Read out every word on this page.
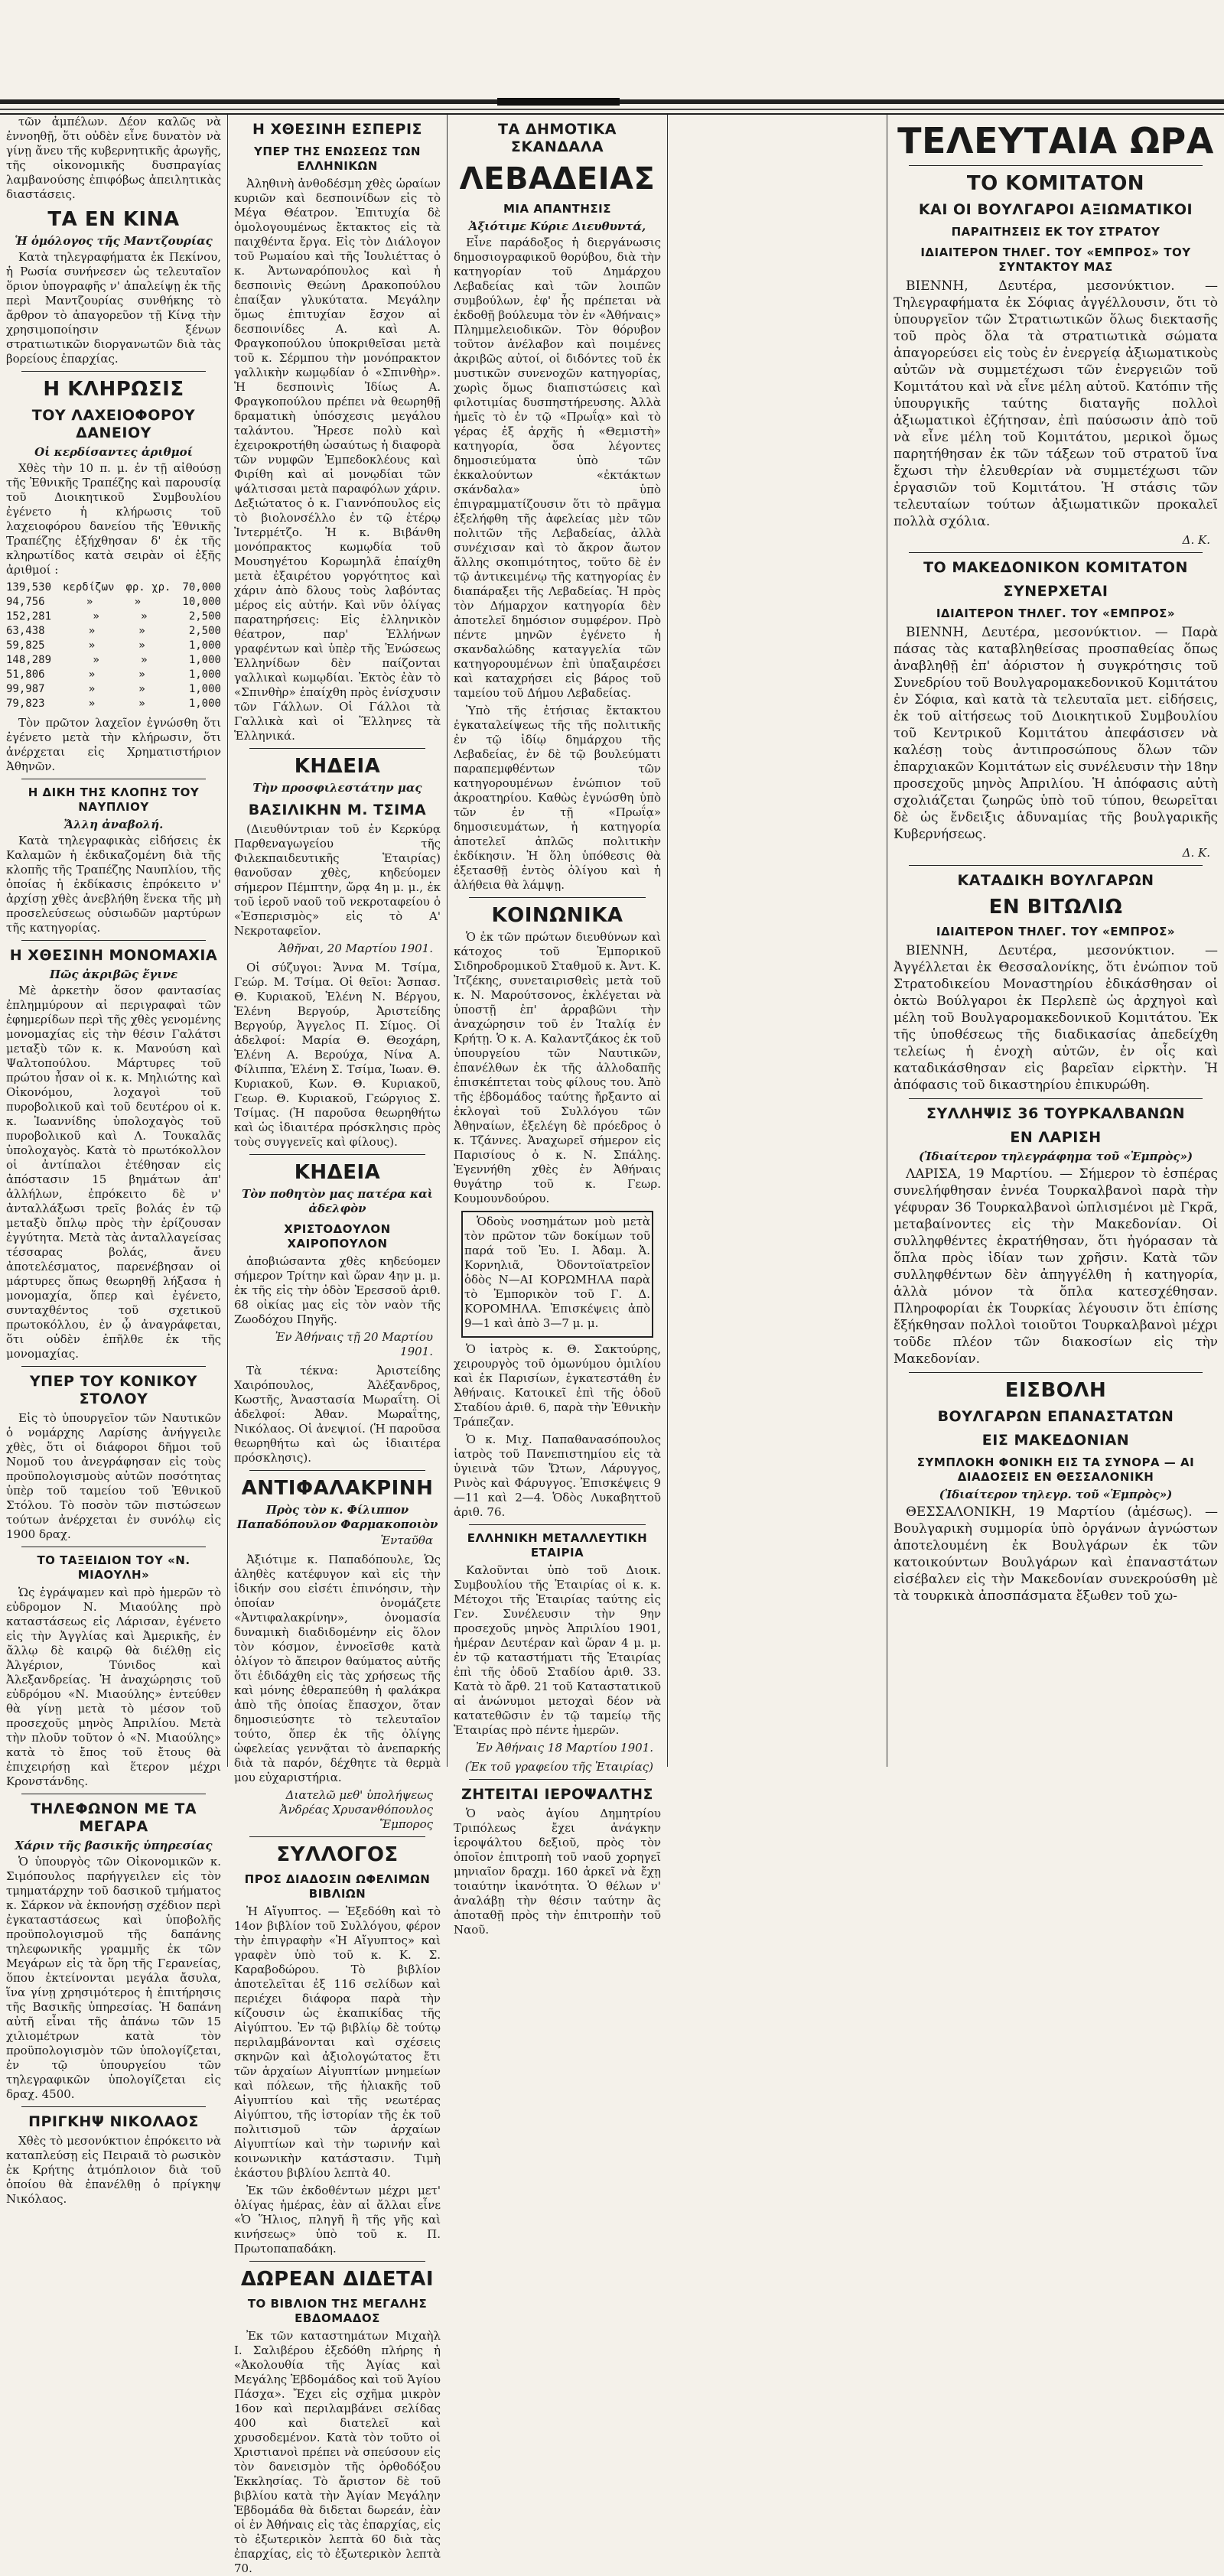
τῶν ἀμπέλων. Δέον καλῶς νὰ ἐννοηθῇ, ὅτι οὐδὲν εἶνε δυνατὸν νὰ γίνῃ ἄνευ τῆς κυβερνητικῆς ἀρωγῆς, τῆς οἰκονομικῆς δυσπραγίας λαμβανούσης ἐπιφόβως ἀπειλητικὰς διαστάσεις.

ΤΑ ΕΝ ΚΙΝΑ
Ἡ ὁμόλογος τῆς Μαντζουρίας

Κατὰ τηλεγραφήματα ἐκ Πεκίνου, ἡ Ρωσία συνήνεσεν ὡς τελευταῖον ὅριον ὑπογραφῆς ν' ἀπαλείψῃ ἐκ τῆς περὶ Μαντζουρίας συνθήκης τὸ ἄρθρον τὸ ἀπαγορεῦον τῇ Κίνᾳ τὴν χρησιμοποίησιν ξένων στρατιωτικῶν διοργανωτῶν διὰ τὰς βορείους ἐπαρχίας.

Η ΚΛΗΡΩΣΙΣ
ΤΟΥ ΛΑΧΕΙΟΦΟΡΟΥ ΔΑΝΕΙΟΥ
Οἱ κερδίσαντες ἀριθμοί

Χθὲς τὴν 10 π. μ. ἐν τῇ αἰθούσῃ τῆς Ἐθνικῆς Τραπέζης καὶ παρουσίᾳ τοῦ Διοικητικοῦ Συμβουλίου ἐγένετο ἡ κλήρωσις τοῦ λαχειοφόρου δανείου τῆς Ἐθνικῆς Τραπέζης ἐξήχθησαν δ' ἐκ τῆς κληρωτίδος κατὰ σειρὰν οἱ ἑξῆς ἀριθμοί :

139,530 κερδίζων φρ. χρ. 70,000
94,756	»	»	10,000
152,281	»	»	2,500
63,438	»	»	2,500
59,825	»	»	1,000
148,289	»	»	1,000
51,806	»	»	1,000
99,987	»	»	1,000
79,823	»	»	1,000

Τὸν πρῶτον λαχεῖον ἐγνώσθη ὅτι ἐγένετο μετὰ τὴν κλήρωσιν, ὅτι ἀνέρχεται εἰς Χρηματιστήριον Ἀθηνῶν.

Η ΔΙΚΗ ΤΗΣ ΚΛΟΠΗΣ ΤΟΥ ΝΑΥΠΛΙΟΥ
Ἄλλη ἀναβολή.

Κατὰ τηλεγραφικὰς εἰδήσεις ἐκ Καλαμῶν ἡ ἐκδικαζομένη διὰ τῆς κλοπῆς τῆς Τραπέζης Ναυπλίου, τῆς ὁποίας ἡ ἐκδίκασις ἐπρόκειτο ν' ἀρχίσῃ χθὲς ἀνεβλήθη ἕνεκα τῆς μὴ προσελεύσεως οὐσιωδῶν μαρτύρων τῆς κατηγορίας.

Η ΧΘΕΣΙΝΗ ΜΟΝΟΜΑΧΙΑ
Πῶς ἀκριβῶς ἔγινε

Μὲ ἀρκετὴν ὅσον φαντασίας ἐπλημμύρουν αἱ περιγραφαὶ τῶν ἐφημερίδων περὶ τῆς χθὲς γενομένης μονομαχίας εἰς τὴν θέσιν Γαλάτσι μεταξὺ τῶν κ. κ. Μανούση καὶ Ψαλτοπούλου. Μάρτυρες τοῦ πρώτου ἦσαν οἱ κ. κ. Μηλιώτης καὶ Οἰκονόμου, λοχαγοὶ τοῦ πυροβολικοῦ καὶ τοῦ δευτέρου οἱ κ. κ. Ἰωαννίδης ὑπολοχαγὸς τοῦ πυροβολικοῦ καὶ Λ. Τουκαλᾶς ὑπολοχαγὸς. Κατὰ τὸ πρωτόκολλον οἱ ἀντίπαλοι ἐτέθησαν εἰς ἀπόστασιν 15 βημάτων ἀπ' ἀλλήλων, ἐπρόκειτο δὲ ν' ἀνταλλάξωσι τρεῖς βολάς ἐν τῷ μεταξὺ ὄπλῳ πρὸς τὴν ἐρίζουσαν ἐγγύτητα. Μετὰ τὰς ἀνταλλαγείσας τέσσαρας βολάς, ἄνευ ἀποτελέσματος, παρενέβησαν οἱ μάρτυρες ὅπως θεωρηθῇ λήξασα ἡ μονομαχία, ὅπερ καὶ ἐγένετο, συνταχθέντος τοῦ σχετικοῦ πρωτοκόλλου, ἐν ᾧ ἀναγράφεται, ὅτι οὐδὲν ἐπῆλθε ἐκ τῆς μονομαχίας.

ΥΠΕΡ ΤΟΥ ΚΟΝΙΚΟΥ ΣΤΟΛΟΥ

Εἰς τὸ ὑπουργεῖον τῶν Ναυτικῶν ὁ νομάρχης Λαρίσης ἀνήγγειλε χθὲς, ὅτι οἱ διάφοροι δῆμοι τοῦ Νομοῦ του ἀνεγράφησαν εἰς τοὺς προϋπολογισμοὺς αὐτῶν ποσότητας ὑπὲρ τοῦ ταμείου τοῦ Ἐθνικοῦ Στόλου. Τὸ ποσὸν τῶν πιστώσεων τούτων ἀνέρχεται ἐν συνόλῳ εἰς 1900 δραχ.

ΤΟ ΤΑΞΕΙΔΙΟΝ ΤΟΥ «Ν. ΜΙΑΟΥΛΗ»

Ὡς ἐγράψαμεν καὶ πρὸ ἡμερῶν τὸ εὐδρομον Ν. Μιαούλης πρὸ καταστάσεως εἰς Λάρισαν, ἐγένετο εἰς τὴν Ἀγγλίας καὶ Ἀμερικῆς, ἐν ἄλλῳ δὲ καιρῷ θὰ διέλθῃ εἰς Ἀλγέριον, Τύνιδος καὶ Ἀλεξανδρείας. Ἡ ἀναχώρησις τοῦ εὐδρόμου «Ν. Μιαούλης» ἐντεύθεν θὰ γίνῃ μετὰ τὸ μέσον τοῦ προσεχοῦς μηνὸς Ἀπριλίου. Μετὰ τὴν πλοῦν τοῦτον ὁ «Ν. Μιαούλης» κατὰ τὸ ἔπος τοῦ ἔτους θὰ ἐπιχειρήσῃ καὶ ἕτερον μέχρι Κρονστάνδης.

ΤΗΛΕΦΩΝΟΝ ΜΕ ΤΑ ΜΕΓΑΡΑ
Χάριν τῆς βασικῆς ὑπηρεσίας

Ὁ ὑπουργὸς τῶν Οἰκονομικῶν κ. Σιμόπουλος παρήγγειλεν εἰς τὸν τμηματάρχην τοῦ δασικοῦ τμήματος κ. Σάρκον νὰ ἐκπονήσῃ σχέδιον περὶ ἐγκαταστάσεως καὶ ὑποβολῆς προϋπολογισμοῦ τῆς δαπάνης τηλεφωνικῆς γραμμῆς ἐκ τῶν Μεγάρων εἰς τὰ ὅρη τῆς Γερανείας, ὅπου ἐκτείνονται μεγάλα ἄσυλα, ἵνα γίνῃ χρησιμότερος ἡ ἐπιτήρησις τῆς Βασικῆς ὑπηρεσίας. Ἡ δαπάνη αὐτῆ εἶναι τῆς ἀπάνω τῶν 15 χιλιομέτρων κατὰ τὸν προϋπολογισμὸν τῶν ὑπολογίζεται, ἐν τῷ ὑπουργείου τῶν τηλεγραφικῶν ὑπολογίζεται εἰς δραχ. 4500.

ΠΡΙΓΚΗΨ ΝΙΚΟΛΑΟΣ

Χθὲς τὸ μεσονύκτιον ἐπρόκειτο νὰ καταπλεύσῃ εἰς Πειραιᾶ τὸ ρωσικὸν ἐκ Κρήτης ἀτμόπλοιον διὰ τοῦ ὁποίου θὰ ἐπανέλθῃ ὁ πρίγκηψ Νικόλαος.

Η ΧΘΕΣΙΝΗ ΕΣΠΕΡΙΣ
ΥΠΕΡ ΤΗΣ ΕΝΩΣΕΩΣ ΤΩΝ ΕΛΛΗΝΙΚΩΝ

Ἀληθινὴ ἀνθοδέσμη χθὲς ὡραίων κυριῶν καὶ δεσποινίδων εἰς τὸ Μέγα Θέατρον. Ἐπιτυχία δὲ ὁμολογουμένως ἔκτακτος εἰς τὰ παιχθέντα ἔργα. Εἰς τὸν Διάλογον τοῦ Ρωμαίου καὶ τῆς Ἰουλιέττας ὁ κ. Ἀντωναρόπουλος καὶ ἡ δεσποινὶς Θεώνη Δρακοπούλου ἐπαίξαν γλυκύτατα. Μεγάλην ὅμως ἐπιτυχίαν ἔσχον αἱ δεσποινίδες Α. καὶ Α. Φραγκοπούλου ὑποκριθεῖσαι μετὰ τοῦ κ. Σέρμπου τὴν μονόπρακτον γαλλικὴν κωμῳδίαν ὁ «Σπινθὴρ». Ἡ δεσποινὶς Ἰδίως Α. Φραγκοπούλου πρέπει νὰ θεωρηθῇ δραματικὴ ὑπόσχεσις μεγάλου ταλάντου. Ἤρεσε πολὺ καὶ ἐχειροκροτήθη ὡσαύτως ἡ διαφορὰ τῶν νυμφῶν Ἐμπεδοκλέους καὶ Φιρίθη καὶ αἱ μονῳδίαι τῶν ψάλτισσαι μετὰ παραφόλων χάριν. Δεξιώτατος ὁ κ. Γιαννόπουλος εἰς τὸ βιολονσέλλο ἐν τῷ ἐτέρῳ Ἰντερμέτζο. Ἡ κ. Βιβάνθη μονόπρακτος κωμῳδία τοῦ Μουσηγέτου Κορωμηλᾶ ἐπαίχθη μετὰ ἐξαιρέτου γοργότητος καὶ χάριν ἀπὸ δλους τοὺς λαβόντας μέρος εἰς αὐτήν. Καὶ νῦν ὀλίγας παρατηρήσεις: Εἰς ἐλληνικὸν θέατρον, παρ' Ἑλλήνων γραφέντων καὶ ὑπὲρ τῆς Ἑνώσεως Ἑλληνίδων δὲν παίζονται γαλλικαὶ κωμῳδίαι. Ἐκτὸς ἐὰν τὸ «Σπινθὴρ» ἐπαίχθη πρὸς ἐνίσχυσιν τῶν Γάλλων. Οἱ Γάλλοι τὰ Γαλλικὰ καὶ οἱ Ἕλληνες τὰ Ἑλληνικά.

ΚΗΔΕΙΑ
Τὴν προσφιλεστάτην μας
ΒΑΣΙΛΙΚΗΝ Μ. ΤΣΙΜΑ

(Διευθύντριαν τοῦ ἐν Κερκύρᾳ Παρθεναγωγείου τῆς Φιλεκπαιδευτικῆς Ἑταιρίας) θανοῦσαν χθὲς, κηδεύομεν σήμερον Πέμπτην, ὥρᾳ 4η μ. μ., ἐκ τοῦ ἱεροῦ ναοῦ τοῦ νεκροταφείου ὁ «Ἐσπερισμὸς» εἰς τὸ Α' Νεκροταφεῖον.

Ἀθῆναι, 20 Μαρτίου 1901.

Οἱ σύζυγοι: Ἄννα Μ. Τσίμα, Γεώρ. Μ. Τσίμα. Οἱ θεῖοι: Ἄσπασ. Θ. Κυριακοῦ, Ἑλένη Ν. Βέργου, Ἑλένη Βεργούρ, Ἀριστείδης Βεργούρ, Ἀγγελος Π. Σίμος. Οἱ ἀδελφοί: Μαρία Θ. Θεοχάρη, Ἑλένη Α. Βερούχα, Νίνα Α. Φίλιππα, Ἑλένη Σ. Τσίμα, Ἰωαν. Θ. Κυριακοῦ, Κων. Θ. Κυριακοῦ, Γεωρ. Θ. Κυριακοῦ, Γεώργιος Σ. Τσίμας. (Ἡ παροῦσα θεωρηθήτω καὶ ὡς ἰδιαιτέρα πρόσκλησις πρὸς τοὺς συγγενεῖς καὶ φίλους).

ΚΗΔΕΙΑ
Τὸν ποθητὸν μας πατέρα καὶ ἀδελφὸν
ΧΡΙΣΤΟΔΟΥΛΟΝ ΧΑΙΡΟΠΟΥΛΟΝ

ἀποβιώσαντα χθὲς κηδεύομεν σήμερον Τρίτην καὶ ὥραν 4ην μ. μ. ἐκ τῆς εἰς τὴν ὁδὸν Ἑρεσσοῦ ἀριθ. 68 οἰκίας μας εἰς τὸν ναὸν τῆς Ζωοδόχου Πηγῆς.

Ἐν Ἀθήναις τῇ 20 Μαρτίου 1901.

Τὰ τέκνα: Ἀριστείδης Χαιρόπουλος, Ἀλέξανδρος, Κωστῆς, Ἀναστασία Μωραΐτη. Οἱ ἀδελφοί: Ἀθαν. Μωραΐτης, Νικόλαος. Οἱ ἀνεψιοί. (Ἡ παροῦσα θεωρηθήτω καὶ ὡς ἰδιαιτέρα πρόσκλησις).

ΑΝΤΙΦΑΛΑΚΡΙΝΗ
Πρὸς τὸν κ. Φίλιππον Παπαδόπουλον Φαρμακοποιὸν
Ἐνταῦθα

Ἀξιότιμε κ. Παπαδόπουλε, Ὡς ἀληθὲς κατέφυγον καὶ εἰς τὴν ἰδικήν σου εἰσέτι ἐπινόησιν, τὴν ὁποίαν ὀνομάζετε «Ἀντιφαλακρίνην», ὀνομασία δυναμικὴ διαδιδομένην εἰς ὅλον τὸν κόσμον, ἐννοεῖσθε κατὰ ὀλίγον τὸ ἄπειρον θαύματος αὐτῆς ὅτι ἐδιδάχθη εἰς τὰς χρήσεως τῆς καὶ μόνης ἐθεραπεύθη ἡ φαλάκρα ἀπὸ τῆς ὁποίας ἔπασχον, ὅταν δημοσιεύσητε τὸ τελευταῖον τούτο, ὅπερ ἐκ τῆς ὀλίγης ὠφελείας γεννᾷται τὸ ἀνεπαρκής διὰ τὰ παρόν, δέχθητε τὰ θερμὰ μου εὐχαριστήρια.

Διατελῶ μεθ' ὑπολήψεως Ἀνδρέας Χρυσανθόπουλος Ἔμπορος
ΣΥΛΛΟΓΟΣ
ΠΡΟΣ ΔΙΑΔΟΣΙΝ ΩΦΕΛΙΜΩΝ ΒΙΒΛΙΩΝ

Ἡ Αἴγυπτος. — Ἐξεδόθη καὶ τὸ 14ον βιβλίον τοῦ Συλλόγου, φέρον τὴν ἐπιγραφὴν «Ἡ Αἴγυπτος» καὶ γραφὲν ὑπὸ τοῦ κ. Κ. Σ. Καραβοδώρου. Τὸ βιβλίον ἀποτελεῖται ἐξ 116 σελίδων καὶ περιέχει διάφορα παρὰ τὴν κίζουσιν ὡς ἐκαπικίδας τῆς Αἰγύπτου. Ἐν τῷ βιβλίῳ δὲ τούτῳ περιλαμβάνονται καὶ σχέσεις σκηνῶν καὶ ἀξιολογώτατος ἔτι τῶν ἀρχαίων Αἰγυπτίων μνημείων καὶ πόλεων, τῆς ἡλιακῆς τοῦ Αἰγυπτίου καὶ τῆς νεωτέρας Αἰγύπτου, τῆς ἱστορίαν τῆς ἐκ τοῦ πολιτισμοῦ τῶν ἀρχαίων Αἰγυπτίων καὶ τὴν τωρινήν καὶ κοινωνικὴν κατάστασιν. Τιμὴ ἑκάστου βιβλίου λεπτὰ 40.

Ἐκ τῶν ἐκδοθέντων μέχρι μετ' ὀλίγας ἡμέρας, ἐὰν αἱ ἄλλαι εἶνε «Ὁ Ἥλιος, πληγῆ ἢ τῆς γῆς καὶ κινήσεως» ὑπὸ τοῦ κ. Π. Πρωτοπαπαδάκη.

ΔΩΡΕΑΝ ΔΙΔΕΤΑΙ
ΤΟ ΒΙΒΛΙΟΝ ΤΗΣ ΜΕΓΑΛΗΣ ΕΒΔΟΜΑΔΟΣ

Ἐκ τῶν καταστημάτων Μιχαὴλ Ι. Σαλιβέρου ἐξεδόθη πλήρης ἡ «Ἀκολουθία τῆς Ἁγίας καὶ Μεγάλης Ἑβδομάδος καὶ τοῦ Ἁγίου Πάσχα». Ἔχει εἰς σχῆμα μικρὸν 16ον καὶ περιλαμβάνει σελίδας 400 καὶ διατελεῖ καὶ χρυσοδεμένον. Κατὰ τὸν τοῦτο οἱ Χριστιανοὶ πρέπει νὰ σπεύσουν εἰς τὸν δανεισμὸν τῆς ὀρθοδόξου Ἐκκλησίας. Τὸ ἄριστον δὲ τοῦ βιβλίου κατὰ τὴν Ἀγίαν Μεγάλην Ἑβδομάδα θὰ διδεται δωρεάν, ἐὰν οἱ ἐν Ἀθήναις εἰς τὰς ἐπαρχίας, εἰς τὸ ἐξωτερικὸν λεπτὰ 60 διὰ τὰς ἐπαρχίας, εἰς τὸ ἐξωτερικὸν λεπτὰ 70.

ΤΑ ΔΗΜΟΤΙΚΑ ΣΚΑΝΔΑΛΑ
ΛΕΒΑΔΕΙΑΣ
ΜΙΑ ΑΠΑΝΤΗΣΙΣ
Ἀξιότιμε Κύριε Διευθυντά,

Εἶνε παράδοξος ἡ διεργάνωσις δημοσιογραφικοῦ θορύβου, διὰ τὴν κατηγορίαν τοῦ Δημάρχου Λεβαδείας καὶ τῶν λοιπῶν συμβούλων, ἐφ' ἧς πρέπεται νὰ ἐκδοθῇ βούλευμα τὸν ἐν «Ἀθήναις» Πλημμελειοδικῶν. Τὸν θόρυβον τοῦτον ἀνέλαβον καὶ ποιμένες ἀκριβῶς αὐτοί, οἱ διδόντες τοῦ ἐκ μυστικῶν συνενοχῶν κατηγορίας, χωρὶς ὅμως διαπιστώσεις καὶ φιλοτιμίας δυσπηστήρευσης. Ἀλλὰ ἡμεῖς τὸ ἐν τῷ «Πρωΐᾳ» καὶ τὸ γέρας ἐξ ἀρχῆς ἡ «Θεμιστὴ» κατηγορία, ὅσα λέγοντες δημοσιεύματα ὑπὸ τῶν ἐκκαλούντων «ἐκτάκτων σκάνδαλα» ὑπὸ ἐπιγραμματίζουσιν ὅτι τὸ πρᾶγμα ἐξελήφθη τῆς ἀφελείας μὲν τῶν πολιτῶν τῆς Λεβαδείας, ἀλλὰ συνέχισαν καὶ τὸ ἄκρον ἄωτον ἄλλης σκοπιμότητος, τοῦτο δὲ ἐν τῷ ἀντικειμένῳ τῆς κατηγορίας ἐν διαπάραξει τῆς Λεβαδείας. Ἡ πρὸς τὸν Δήμαρχον κατηγορία δὲν ἀποτελεῖ δημόσιον συμφέρον. Πρὸ πέντε μηνῶν ἐγένετο ἡ σκανδαλώδης καταγγελία τῶν κατηγορουμένων ἐπὶ ὑπαξαιρέσει καὶ καταχρήσει εἰς βάρος τοῦ ταμείου τοῦ Δήμου Λεβαδείας.

Ὑπὸ τῆς ἐτήσιας ἔκτακτου ἐγκαταλείψεως τῆς τῆς πολιτικῆς ἐν τῷ ἰδίῳ δημάρχου τῆς Λεβαδείας, ἐν δὲ τῷ βουλεύματι παραπεμφθέντων τῶν κατηγορουμένων ἐνώπιον τοῦ ἀκροατηρίου. Καθὼς ἐγνώσθη ὑπὸ τῶν ἐν τῇ «Πρωΐᾳ» δημοσιευμάτων, ἡ κατηγορία ἀποτελεῖ ἀπλῶς πολιτικὴν ἐκδίκησιν. Ἡ ὅλη ὑπόθεσις θὰ ἐξετασθῇ ἐντὸς ὀλίγου καὶ ἡ ἀλήθεια θὰ λάμψῃ.

ΚΟΙΝΩΝΙΚΑ

Ὁ ἐκ τῶν πρώτων διευθύνων καὶ κάτοχος τοῦ Ἐμπορικοῦ Σιδηροδρομικοῦ Σταθμοῦ κ. Ἀντ. Κ. Ἰτζέκης, συνεταιρισθεὶς μετὰ τοῦ κ. Ν. Μαρούτσονος, ἐκλέγεται νὰ ὑποστῇ ἐπ' ἀρραβῶνι τὴν ἀναχώρησιν τοῦ ἐν Ἰταλίᾳ ἐν Κρήτῃ. Ὁ κ. Α. Καλαντζάκος ἐκ τοῦ ὑπουργείου τῶν Ναυτικῶν, ἐπανέλθων ἐκ τῆς ἀλλοδαπῆς ἐπισκέπτεται τοὺς φίλους του. Ἀπὸ τῆς ἑβδομάδος ταύτης ἤρξαντο αἱ ἐκλογαὶ τοῦ Συλλόγου τῶν Ἀθηναίων, ἐξελέγη δὲ πρόεδρος ὁ κ. Τζάννες. Ἀναχωρεῖ σήμερον εἰς Παρισίους ὁ κ. Ν. Σπάλης. Ἐγεννήθη χθὲς ἐν Ἀθήναις θυγάτηρ τοῦ κ. Γεωρ. Κουμουνδούρου.

Ὁδοὺς νοσημάτων μοὺ μετὰ τὸν πρῶτον τῶν δοκίμων τοῦ παρά τοῦ Ἐυ. Ι. Ἀδαμ. Ἀ. Κορνηλιᾶ, Ὀδοντοϊατρεῖον ὁδὸς Ν—ΑΙ ΚΟΡΩΜΗΛΑ παρὰ τὸ Ἐμπορικὸν τοῦ Γ. Δ. ΚΟΡΟΜΗΛΑ. Ἐπισκέψεις ἀπὸ 9—1 καὶ ἀπὸ 3—7 μ. μ.

Ὁ ἰατρὸς κ. Θ. Σακτούρης, χειρουργὸς τοῦ ὁμωνύμου ὁμιλίου καὶ ἐκ Παρισίων, ἐγκατεστάθη ἐν Ἀθήναις. Κατοικεῖ ἐπὶ τῆς ὁδοῦ Σταδίου ἀριθ. 6, παρὰ τὴν Ἐθνικὴν Τράπεζαν.

Ὁ κ. Μιχ. Παπαθανασόπουλος ἰατρὸς τοῦ Πανεπιστημίου εἰς τὰ ὑγιεινὰ τῶν Ὤτων, Λάρυγγος, Ρινὸς καὶ Φάρυγγος. Ἐπισκέψεις 9—11 καὶ 2—4. Ὁδὸς Λυκαβηττοῦ ἀριθ. 76.

ΕΛΛΗΝΙΚΗ ΜΕΤΑΛΛΕΥΤΙΚΗ ΕΤΑΙΡΙΑ

Καλοῦνται ὑπὸ τοῦ Διοικ. Συμβουλίου τῆς Ἑταιρίας οἱ κ. κ. Μέτοχοι τῆς Ἑταιρίας ταύτης εἰς Γεν. Συνέλευσιν τὴν 9ην προσεχοῦς μηνὸς Ἀπριλίου 1901, ἡμέραν Δευτέραν καὶ ὥραν 4 μ. μ. ἐν τῷ καταστήματι τῆς Ἑταιρίας ἐπὶ τῆς ὁδοῦ Σταδίου ἀριθ. 33. Κατὰ τὸ ἄρθ. 21 τοῦ Καταστατικοῦ αἱ ἀνώνυμοι μετοχαὶ δέον νὰ κατατεθῶσιν ἐν τῷ ταμείῳ τῆς Ἑταιρίας πρὸ πέντε ἡμερῶν.

Ἐν Ἀθήναις 18 Μαρτίου 1901.
(Ἐκ τοῦ γραφείου τῆς Ἑταιρίας)
ΖΗΤΕΙΤΑΙ ΙΕΡΟΨΑΛΤΗΣ

Ὁ ναὸς ἁγίου Δημητρίου Τριπόλεως ἔχει ἀνάγκην ἱεροψάλτου δεξιοῦ, πρὸς τὸν ὁποῖον ἐπιτροπὴ τοῦ ναοῦ χορηγεῖ μηνιαῖον δραχμ. 160 ἀρκεῖ νὰ ἔχῃ τοιαύτην ἱκανότητα. Ὁ θέλων ν' ἀναλάβῃ τὴν θέσιν ταύτην ἂς ἀποταθῇ πρὸς τὴν ἐπιτροπὴν τοῦ Ναοῦ.

ΤΕΛΕΥΤΑΙΑ ΩΡΑ
ΤΟ ΚΟΜΙΤΑΤΟΝ
ΚΑΙ ΟΙ ΒΟΥΛΓΑΡΟΙ ΑΞΙΩΜΑΤΙΚΟΙ
ΠΑΡΑΙΤΗΣΕΙΣ ΕΚ ΤΟΥ ΣΤΡΑΤΟΥ
ΙΔΙΑΙΤΕΡΟΝ ΤΗΛΕΓ. ΤΟΥ «ΕΜΠΡΟΣ» ΤΟΥ ΣΥΝΤΑΚΤΟΥ ΜΑΣ

ΒΙΕΝΝΗ, Δευτέρα, μεσονύκτιον. — Τηλεγραφήματα ἐκ Σόφιας ἀγγέλλουσιν, ὅτι τὸ ὑπουργεῖον τῶν Στρατιωτικῶν ὅλως διεκτασῆς τοῦ πρὸς ὅλα τὰ στρατιωτικὰ σώματα ἀπαγορεύσει εἰς τοὺς ἐν ἐνεργείᾳ ἀξιωματικοὺς αὐτῶν νὰ συμμετέχωσι τῶν ἐνεργειῶν τοῦ Κομιτάτου καὶ νὰ εἶνε μέλη αὐτοῦ. Κατόπιν τῆς ὑπουργικῆς ταύτης διαταγῆς πολλοὶ ἀξιωματικοὶ ἐζήτησαν, ἐπὶ παύσωσιν ἀπὸ τοῦ νὰ εἶνε μέλη τοῦ Κομιτάτου, μερικοὶ ὅμως παρητήθησαν ἐκ τῶν τάξεων τοῦ στρατοῦ ἵνα ἔχωσι τὴν ἐλευθερίαν νὰ συμμετέχωσι τῶν ἐργασιῶν τοῦ Κομιτάτου. Ἡ στάσις τῶν τελευταίων τούτων ἀξιωματικῶν προκαλεῖ πολλὰ σχόλια.

Δ. Κ.
ΤΟ ΜΑΚΕΔΟΝΙΚΟΝ ΚΟΜΙΤΑΤΟΝ
ΣΥΝΕΡΧΕΤΑΙ
ΙΔΙΑΙΤΕΡΟΝ ΤΗΛΕΓ. ΤΟΥ «ΕΜΠΡΟΣ»

ΒΙΕΝΝΗ, Δευτέρα, μεσονύκτιον. — Παρὰ πάσας τὰς καταβληθείσας προσπαθείας ὅπως ἀναβληθῇ ἐπ' ἀόριστον ἡ συγκρότησις τοῦ Συνεδρίου τοῦ Βουλγαρομακεδονικοῦ Κομιτάτου ἐν Σόφια, καὶ κατὰ τὰ τελευταῖα μετ. εἰδήσεις, ἐκ τοῦ αἰτήσεως τοῦ Διοικητικοῦ Συμβουλίου τοῦ Κεντρικοῦ Κομιτάτου ἀπεφάσισεν νὰ καλέσῃ τοὺς ἀντιπροσώπους ὅλων τῶν ἐπαρχιακῶν Κομιτάτων εἰς συνέλευσιν τὴν 18ην προσεχοῦς μηνὸς Ἀπριλίου. Ἡ ἀπόφασις αὐτὴ σχολιάζεται ζωηρῶς ὑπὸ τοῦ τύπου, θεωρεῖται δὲ ὡς ἔνδειξις ἀδυναμίας τῆς βουλγαρικῆς Κυβερνήσεως.

Δ. Κ.
ΚΑΤΑΔΙΚΗ ΒΟΥΛΓΑΡΩΝ
ΕΝ ΒΙΤΩΛΙΩ
ΙΔΙΑΙΤΕΡΟΝ ΤΗΛΕΓ. ΤΟΥ «ΕΜΠΡΟΣ»

ΒΙΕΝΝΗ, Δευτέρα, μεσονύκτιον. — Ἀγγέλλεται ἐκ Θεσσαλονίκης, ὅτι ἐνώπιον τοῦ Στρατοδικείου Μοναστηρίου ἐδικάσθησαν οἱ ὀκτὼ Βούλγαροι ἐκ Περλεπὲ ὡς ἀρχηγοὶ καὶ μέλη τοῦ Βουλγαρομακεδονικοῦ Κομιτάτου. Ἐκ τῆς ὑποθέσεως τῆς διαδικασίας ἀπεδείχθη τελείως ἡ ἐνοχὴ αὐτῶν, ἐν οἷς καὶ καταδικάσθησαν εἰς βαρεῖαν εἰρκτὴν. Ἡ ἀπόφασις τοῦ δικαστηρίου ἐπικυρώθη.

ΣΥΛΛΗΨΙΣ 36 ΤΟΥΡΚΑΛΒΑΝΩΝ
ΕΝ ΛΑΡΙΣΗ
(Ἰδιαίτερον τηλεγράφημα τοῦ «Ἐμπρὸς»)

ΛΑΡΙΣΑ, 19 Μαρτίου. — Σήμερον τὸ ἑσπέρας συνελήφθησαν ἐννέα Τουρκαλβανοὶ παρὰ τὴν γέφυραν 36 Τουρκαλβανοὶ ὡπλισμένοι μὲ Γκρᾶ, μεταβαίνοντες εἰς τὴν Μακεδονίαν. Οἱ συλληφθέντες ἐκρατήθησαν, ὅτι ἠγόρασαν τὰ ὅπλα πρὸς ἰδίαν των χρῆσιν. Κατὰ τῶν συλληφθέντων δὲν ἀπηγγέλθη ἡ κατηγορία, ἀλλὰ μόνον τὰ ὅπλα κατεσχέθησαν. Πληροφορίαι ἐκ Τουρκίας λέγουσιν ὅτι ἐπίσης ἔξήκθησαν πολλοὶ τοιοῦτοι Τουρκαλβανοὶ μέχρι τοῦδε πλέον τῶν διακοσίων εἰς τὴν Μακεδονίαν.

ΕΙΣΒΟΛΗ
ΒΟΥΛΓΑΡΩΝ ΕΠΑΝΑΣΤΑΤΩΝ
ΕΙΣ ΜΑΚΕΔΟΝΙΑΝ
ΣΥΜΠΛΟΚΗ ΦΟΝΙΚΗ ΕΙΣ ΤΑ ΣΥΝΟΡΑ — ΑΙ ΔΙΑΔΟΣΕΙΣ ΕΝ ΘΕΣΣΑΛΟΝΙΚΗ
(Ἰδιαίτερον τηλεγρ. τοῦ «Ἐμπρὸς»)

ΘΕΣΣΑΛΟΝΙΚΗ, 19 Μαρτίου (ἀμέσως). — Βουλγαρικὴ συμμορία ὑπὸ ὀργάνων ἀγνώστων ἀποτελουμένη ἐκ Βουλγάρων ἐκ τῶν κατοικούντων Βουλγάρων καὶ ἐπαναστάτων εἰσέβαλεν εἰς τὴν Μακεδονίαν συνεκρούσθη μὲ τὰ τουρκικὰ ἀποσπάσματα ἔξωθεν τοῦ χω-
